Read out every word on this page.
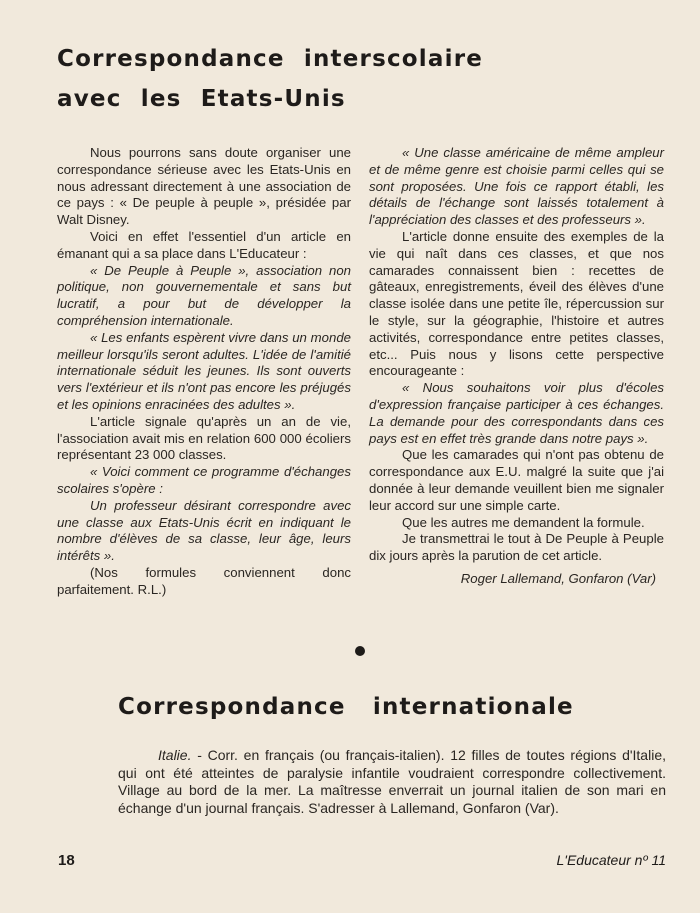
Correspondance interscolaire
avec les Etats-Unis

Nous pourrons sans doute organiser une correspondance sérieuse avec les Etats-Unis en nous adressant directement à une association de ce pays : « De peuple à peuple », présidée par Walt Disney.

Voici en effet l'essentiel d'un article en émanant qui a sa place dans L'Educateur :

« De Peuple à Peuple », association non politique, non gouvernementale et sans but lucratif, a pour but de développer la compréhension internationale.

« Les enfants espèrent vivre dans un monde meilleur lorsqu'ils seront adultes. L'idée de l'amitié internationale séduit les jeunes. Ils sont ouverts vers l'extérieur et ils n'ont pas encore les préjugés et les opinions enracinées des adultes ».

L'article signale qu'après un an de vie, l'association avait mis en relation 600 000 écoliers représentant 23 000 classes.

« Voici comment ce programme d'échanges scolaires s'opère :

Un professeur désirant correspondre avec une classe aux Etats-Unis écrit en indiquant le nombre d'élèves de sa classe, leur âge, leurs intérêts ».

(Nos formules conviennent donc parfaitement. R.L.)

« Une classe américaine de même ampleur et de même genre est choisie parmi celles qui se sont proposées. Une fois ce rapport établi, les détails de l'échange sont laissés totalement à l'appréciation des classes et des professeurs ».

L'article donne ensuite des exemples de la vie qui naît dans ces classes, et que nos camarades connaissent bien : recettes de gâteaux, enregistrements, éveil des élèves d'une classe isolée dans une petite île, répercussion sur le style, sur la géographie, l'histoire et autres activités, correspondance entre petites classes, etc... Puis nous y lisons cette perspective encourageante :

« Nous souhaitons voir plus d'écoles d'expression française participer à ces échanges. La demande pour des correspondants dans ces pays est en effet très grande dans notre pays ».

Que les camarades qui n'ont pas obtenu de correspondance aux E.U. malgré la suite que j'ai donnée à leur demande veuillent bien me signaler leur accord sur une simple carte.

Que les autres me demandent la formule.

Je transmettrai le tout à De Peuple à Peuple dix jours après la parution de cet article.

Roger Lallemand, Gonfaron (Var)

Correspondance internationale
Italie. - Corr. en français (ou français-italien). 12 filles de toutes régions d'Italie, qui ont été atteintes de paralysie infantile voudraient correspondre collectivement. Village au bord de la mer. La maîtresse enverrait un journal italien de son mari en échange d'un journal français. S'adresser à Lallemand, Gonfaron (Var).
18	L'Educateur nº 11
